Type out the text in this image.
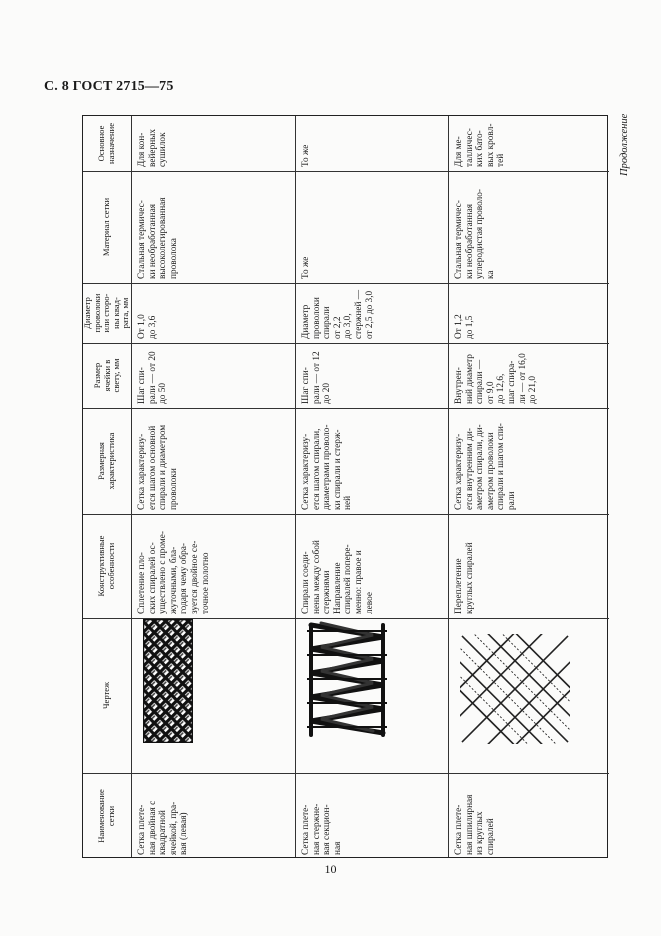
С. 8 ГОСТ 2715—75
Продолжение
Наименование сетки
Чертеж
Конструктивные особенности
Размерная характеристика
Размер ячейки в свету, мм
Диаметр проволоки или сторо- ны квад- рата, мм
Материал сетки
Основное назначение
Сетка плете- ная двойная с квадратной ячейкой, пра- вая (левая)
Сплетение пло- ских спиралей ос- уществлено с проме- жуточными, бла- годаря чему обра- зуется двойное се- точное полотно
Сетка характеризу- ется шагом основной спирали и диаметром проволоки
Шаг спи- рали — от 20 до 50
От 1,0 до 3,6
Стальная термичес- ки необработанная высоколегированная проволока
Для кон- вейерных сушилок
Сетка плете- ная стержне- вая секцион- ная
Спирали соеди- нены между собой стержнями Направление спиралей попере- менно: правое и левое
Сетка характеризу- ется шагом спирали, диаметрами проволо- ки спирали и стерж- ней
Шаг спи- рали — от 12 до 20
Диаметр проволоки спирали от 2,2 до 3,0, стержней — от 2,5 до 3,0
То же
То же
Сетка плете- ная шпилирная из круглых спиралей
Переплетение круглых спиралей
Сетка характеризу- ется внутренним ди- аметром спирали, ди- аметром проволоки спирали и шагом спи- рали
Внутрен- ний диаметр спирали — от 9,0 до 12,6, шаг спира- ли — от 16,0 до 21,0
От 1,2 до 1,5
Стальная термичес- ки необработанная углеродистая проволо- ка
Для ме- талличес- ких бато- вых кровл- тей
10
